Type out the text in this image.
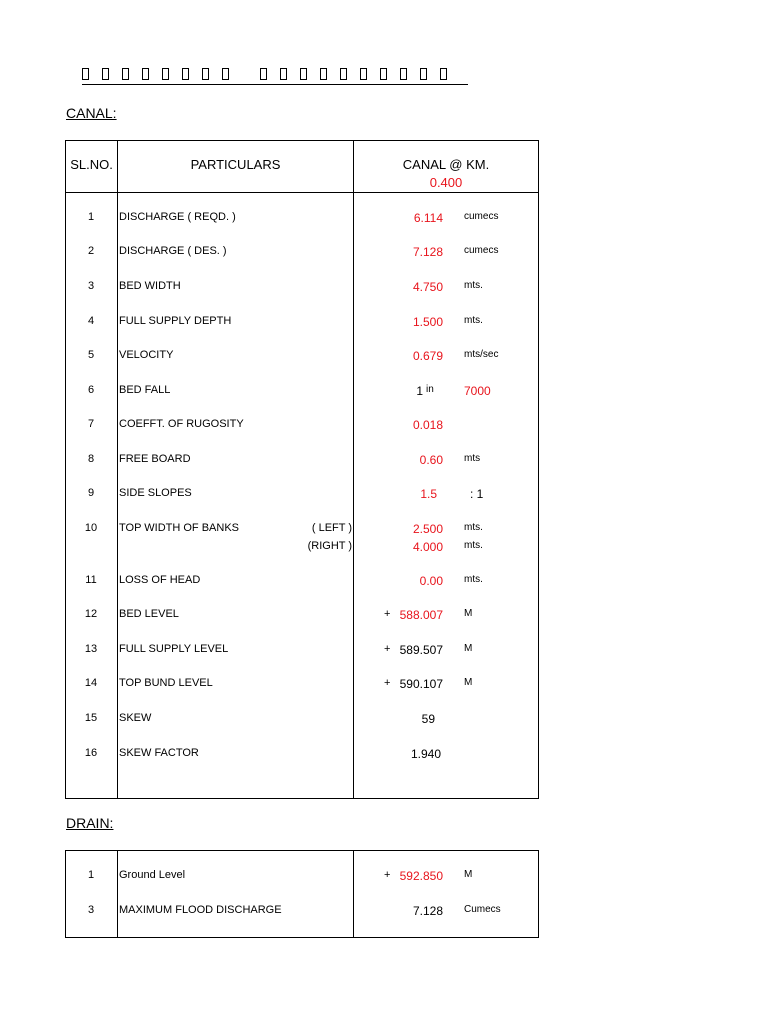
CANAL:
SL.NO.	PARTICULARS	CANAL @ KM.
0.400
1	DISCHARGE ( REQD. )	6.114 cumecs
2	DISCHARGE ( DES. )	7.128 cumecs
3	BED WIDTH	4.750 mts.
4	FULL SUPPLY DEPTH	1.500 mts.
5	VELOCITY	0.679 mts/sec
6	BED FALL	1 in	7000
7	COEFFT. OF RUGOSITY	0.018
8	FREE BOARD	0.60 mts
9	SIDE SLOPES	1.5	: 1
10	TOP WIDTH OF BANKS	( LEFT )	2.500 mts.
(RIGHT )	4.000 mts.
11	LOSS OF HEAD	0.00 mts.
12	BED LEVEL	+ 588.007 M
13	FULL SUPPLY LEVEL	+ 589.507 M
14	TOP BUND LEVEL	+ 590.107 M
15	SKEW	59
16	SKEW FACTOR	1.940
DRAIN:
1	Ground Level	+ 592.850 M
3	MAXIMUM FLOOD DISCHARGE	7.128 Cumecs
